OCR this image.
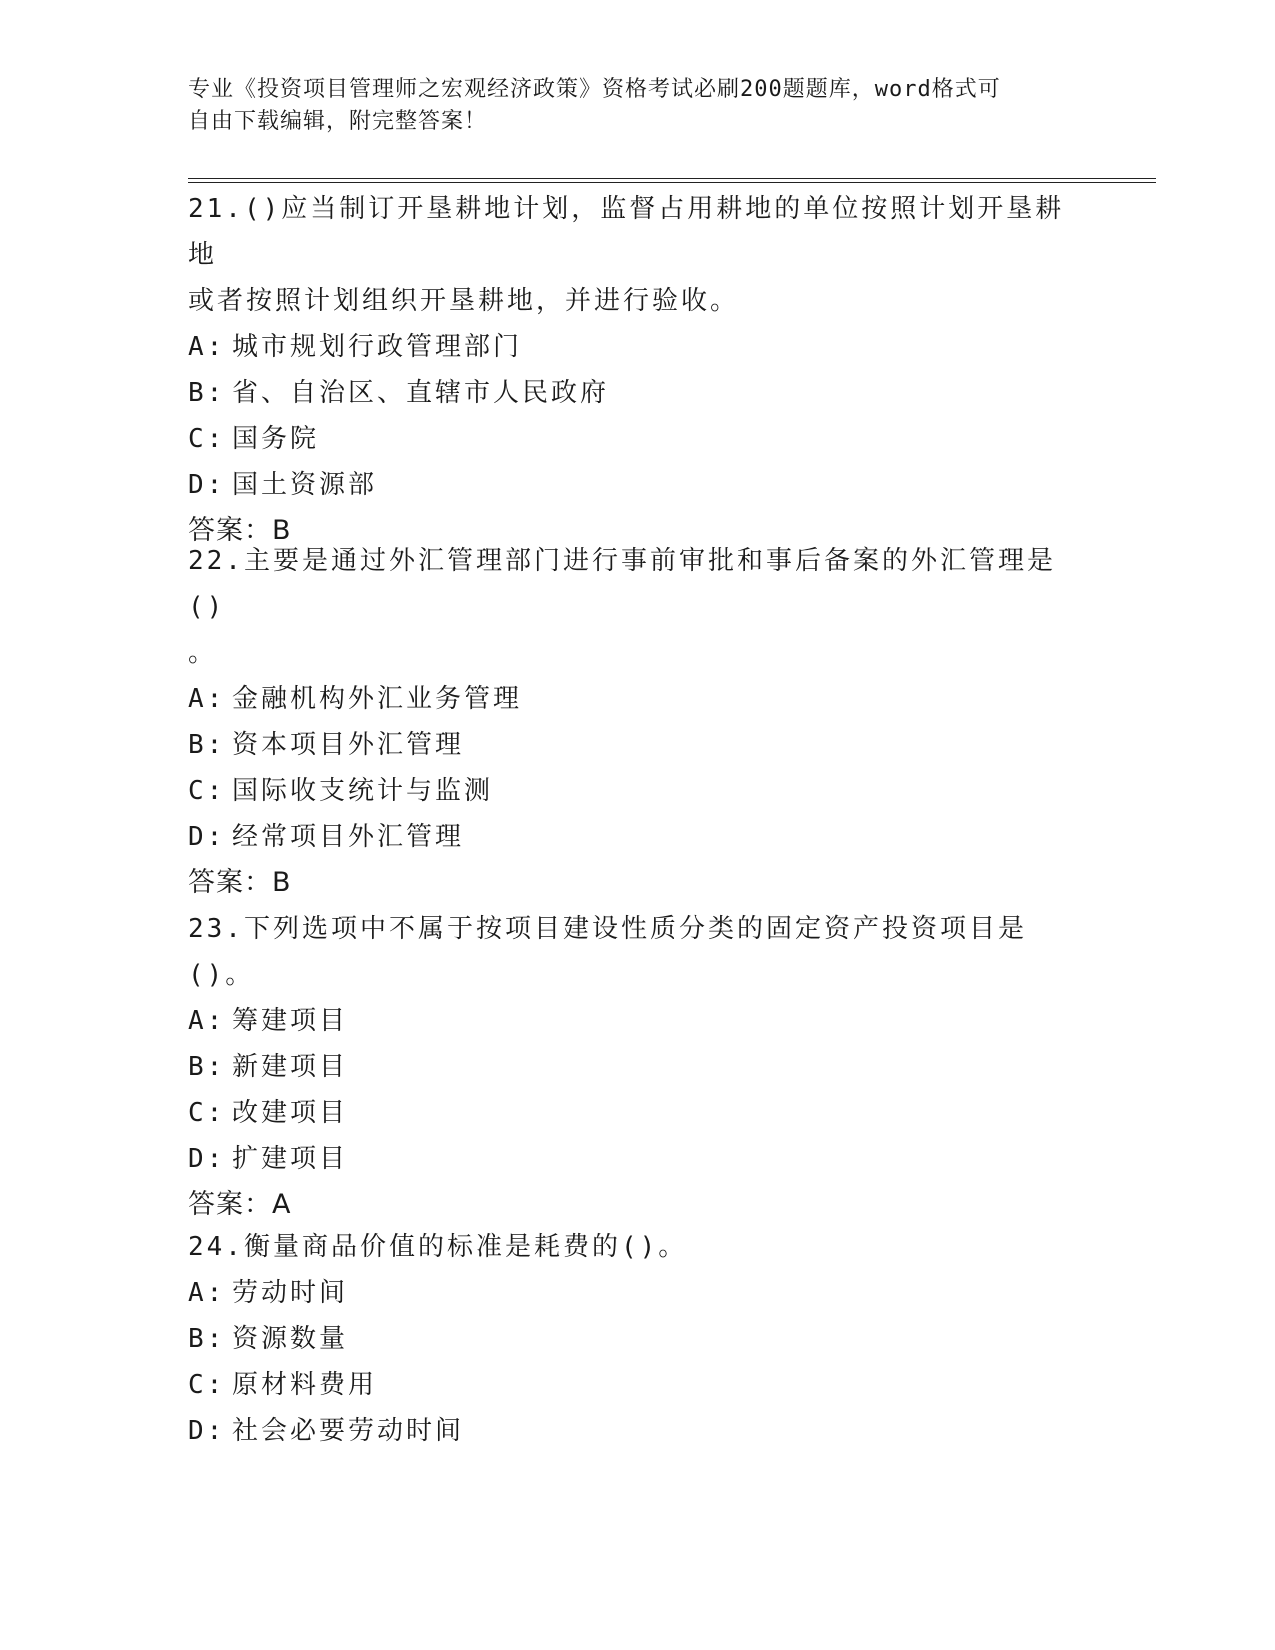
专业《投资项目管理师之宏观经济政策》资格考试必刷200题题库，word格式可
自由下载编辑，附完整答案！

21.()应当制订开垦耕地计划，监督占用耕地的单位按照计划开垦耕地

或者按照计划组织开垦耕地，并进行验收。

A: 城市规划行政管理部门

B: 省、自治区、直辖市人民政府

C: 国务院

D: 国土资源部

答案：B

22.主要是通过外汇管理部门进行事前审批和事后备案的外汇管理是()

。

A: 金融机构外汇业务管理

B: 资本项目外汇管理

C: 国际收支统计与监测

D: 经常项目外汇管理

答案：B

23.下列选项中不属于按项目建设性质分类的固定资产投资项目是()。

A: 筹建项目

B: 新建项目

C: 改建项目

D: 扩建项目

答案：A

24.衡量商品价值的标准是耗费的()。

A: 劳动时间

B: 资源数量

C: 原材料费用

D: 社会必要劳动时间
